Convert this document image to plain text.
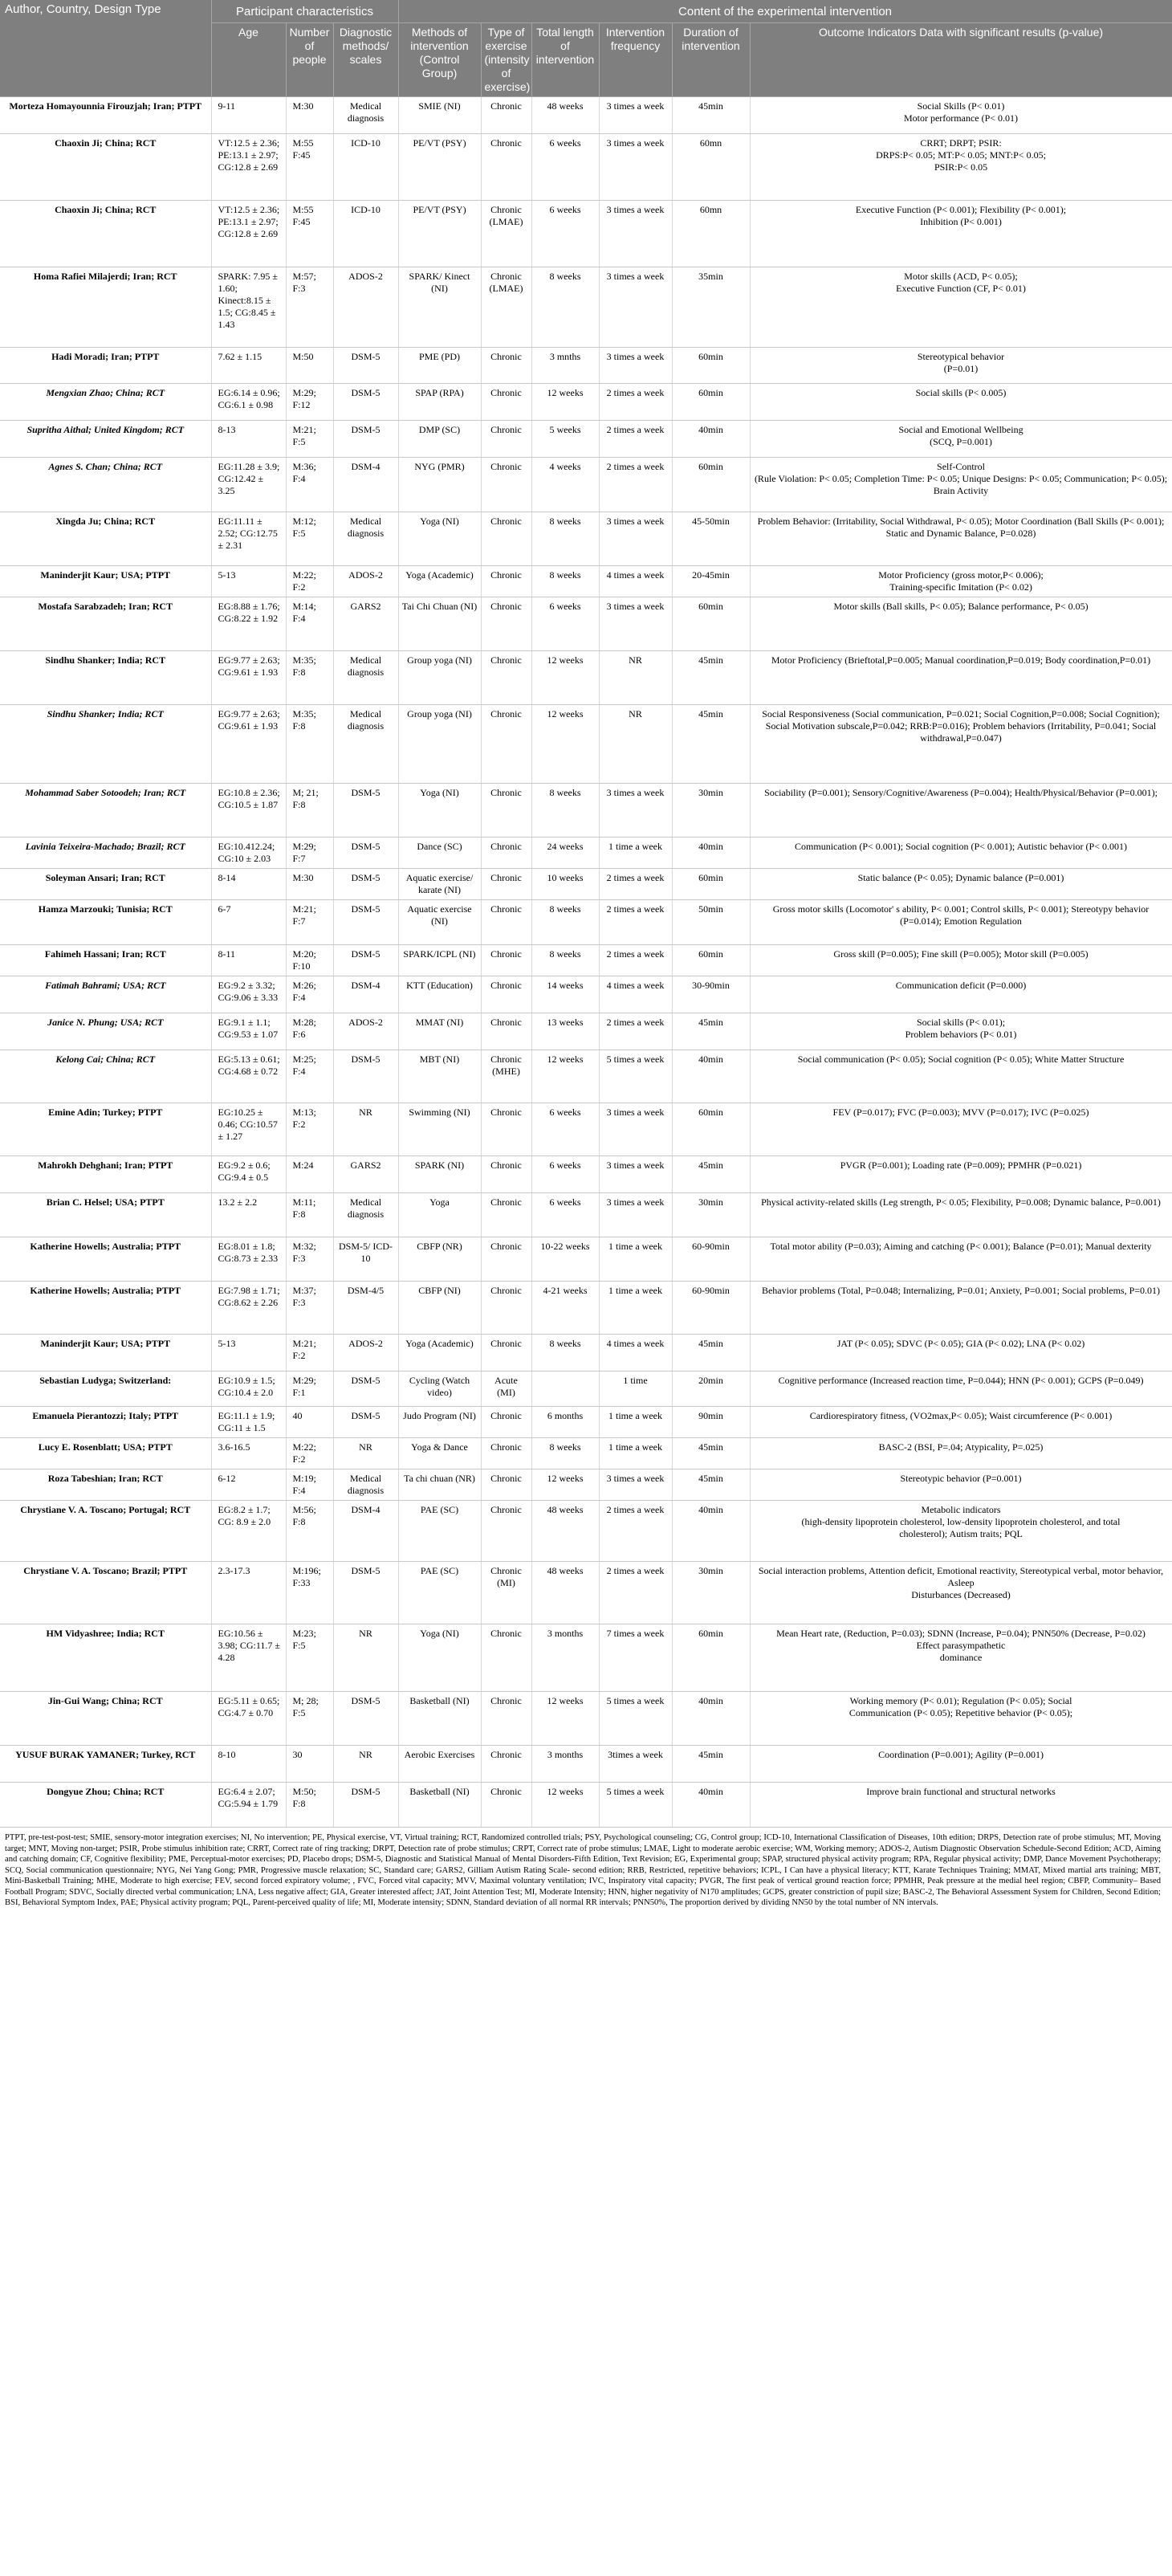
Author, Country, Design Type	Participant characteristics			Content of the experimental intervention					
	Age	Number of people	Diagnostic methods/ scales	Methods of intervention (Control Group)	Type of exercise (intensity of exercise)	Total length of intervention	Intervention frequency	Duration of intervention	Outcome Indicators Data with significant results (p-value)
Morteza Homayounnia Firouzjah; Iran; PTPT	9-11	M:30	Medical diagnosis	SMIE (NI)	Chronic	48 weeks	3 times a week	45min	Social Skills (P< 0.01)
Motor performance (P< 0.01)
Chaoxin Ji; China; RCT	VT:12.5 ± 2.36; PE:13.1 ± 2.97; CG:12.8 ± 2.69	M:55 F:45	ICD-10	PE/VT (PSY)	Chronic	6 weeks	3 times a week	60mn	CRRT; DRPT; PSIR:
DRPS:P< 0.05; MT:P< 0.05; MNT:P< 0.05;
PSIR:P< 0.05
Chaoxin Ji; China; RCT	VT:12.5 ± 2.36; PE:13.1 ± 2.97; CG:12.8 ± 2.69	M:55 F:45	ICD-10	PE/VT (PSY)	Chronic (LMAE)	6 weeks	3 times a week	60mn	Executive Function (P< 0.001); Flexibility (P< 0.001);
Inhibition (P< 0.001)
Homa Rafiei Milajerdi; Iran; RCT	SPARK: 7.95 ± 1.60; Kinect:8.15 ± 1.5; CG:8.45 ± 1.43	M:57; F:3	ADOS-2	SPARK/ Kinect (NI)	Chronic (LMAE)	8 weeks	3 times a week	35min	Motor skills (ACD, P< 0.05);
Executive Function (CF, P< 0.01)
Hadi Moradi; Iran; PTPT	7.62 ± 1.15	M:50	DSM-5	PME (PD)	Chronic	3 mnths	3 times a week	60min	Stereotypical behavior
(P=0.01)
Mengxian Zhao; China; RCT	EG:6.14 ± 0.96; CG:6.1 ± 0.98	M:29; F:12	DSM-5	SPAP (RPA)	Chronic	12 weeks	2 times a week	60min	Social skills (P< 0.005)
Supritha Aithal; United Kingdom; RCT	8-13	M:21; F:5	DSM-5	DMP (SC)	Chronic	5 weeks	2 times a week	40min	Social and Emotional Wellbeing
(SCQ, P=0.001)
Agnes S. Chan; China; RCT	EG:11.28 ± 3.9; CG:12.42 ± 3.25	M:36; F:4	DSM-4	NYG (PMR)	Chronic	4 weeks	2 times a week	60min	Self-Control
(Rule Violation: P< 0.05; Completion Time: P< 0.05; Unique Designs: P< 0.05; Communication; P< 0.05); Brain Activity
Xingda Ju; China; RCT	EG:11.11 ± 2.52; CG:12.75 ± 2.31	M:12; F:5	Medical diagnosis	Yoga (NI)	Chronic	8 weeks	3 times a week	45-50min	Problem Behavior: (Irritability, Social Withdrawal, P< 0.05); Motor Coordination (Ball Skills (P< 0.001); Static and Dynamic Balance, P=0.028)
Maninderjit Kaur; USA; PTPT	5-13	M:22; F:2	ADOS-2	Yoga (Academic)	Chronic	8 weeks	4 times a week	20-45min	Motor Proficiency (gross motor,P< 0.006);
Training-specific Imitation (P< 0.02)
Mostafa Sarabzadeh; Iran; RCT	EG:8.88 ± 1.76; CG:8.22 ± 1.92	M:14; F:4	GARS2	Tai Chi Chuan (NI)	Chronic	6 weeks	3 times a week	60min	Motor skills (Ball skills, P< 0.05); Balance performance, P< 0.05)
Sindhu Shanker; India; RCT	EG:9.77 ± 2.63; CG:9.61 ± 1.93	M:35; F:8	Medical diagnosis	Group yoga (NI)	Chronic	12 weeks	NR	45min	Motor Proficiency (Brieftotal,P=0.005; Manual coordination,P=0.019; Body coordination,P=0.01)
Sindhu Shanker; India; RCT	EG:9.77 ± 2.63; CG:9.61 ± 1.93	M:35; F:8	Medical diagnosis	Group yoga (NI)	Chronic	12 weeks	NR	45min	Social Responsiveness (Social communication, P=0.021; Social Cognition,P=0.008; Social Cognition); Social Motivation subscale,P=0.042; RRB:P=0.016); Problem behaviors (Irritability, P=0.041; Social withdrawal,P=0.047)
Mohammad Saber Sotoodeh; Iran; RCT	EG:10.8 ± 2.36; CG:10.5 ± 1.87	M; 21; F:8	DSM-5	Yoga (NI)	Chronic	8 weeks	3 times a week	30min	Sociability (P=0.001); Sensory/Cognitive/Awareness (P=0.004); Health/Physical/Behavior (P=0.001);
Lavinia Teixeira-Machado; Brazil; RCT	EG:10.412.24; CG:10 ± 2.03	M:29; F:7	DSM-5	Dance (SC)	Chronic	24 weeks	1 time a week	40min	Communication (P< 0.001); Social cognition (P< 0.001); Autistic behavior (P< 0.001)
Soleyman Ansari; Iran; RCT	8-14	M:30	DSM-5	Aquatic exercise/ karate (NI)	Chronic	10 weeks	2 times a week	60min	Static balance (P< 0.05); Dynamic balance (P=0.001)
Hamza Marzouki; Tunisia; RCT	6-7	M:21; F:7	DSM-5	Aquatic exercise (NI)	Chronic	8 weeks	2 times a week	50min	Gross motor skills (Locomotor' s ability, P< 0.001; Control skills, P< 0.001); Stereotypy behavior (P=0.014); Emotion Regulation
Fahimeh Hassani; Iran; RCT	8-11	M:20; F:10	DSM-5	SPARK/ICPL (NI)	Chronic	8 weeks	2 times a week	60min	Gross skill (P=0.005); Fine skill (P=0.005); Motor skill (P=0.005)
Fatimah Bahrami; USA; RCT	EG:9.2 ± 3.32; CG:9.06 ± 3.33	M:26; F:4	DSM-4	KTT (Education)	Chronic	14 weeks	4 times a week	30-90min	Communication deficit (P=0.000)
Janice N. Phung; USA; RCT	EG:9.1 ± 1.1; CG:9.53 ± 1.07	M:28; F:6	ADOS-2	MMAT (NI)	Chronic	13 weeks	2 times a week	45min	Social skills (P< 0.01);
Problem behaviors (P< 0.01)
Kelong Cai; China; RCT	EG:5.13 ± 0.61; CG:4.68 ± 0.72	M:25; F:4	DSM-5	MBT (NI)	Chronic (MHE)	12 weeks	5 times a week	40min	Social communication (P< 0.05); Social cognition (P< 0.05); White Matter Structure
Emine Adin; Turkey; PTPT	EG:10.25 ± 0.46; CG:10.57 ± 1.27	M:13; F:2	NR	Swimming (NI)	Chronic	6 weeks	3 times a week	60min	FEV (P=0.017); FVC (P=0.003); MVV (P=0.017); IVC (P=0.025)
Mahrokh Dehghani; Iran; PTPT	EG:9.2 ± 0.6; CG:9.4 ± 0.5	M:24	GARS2	SPARK (NI)	Chronic	6 weeks	3 times a week	45min	PVGR (P=0.001); Loading rate (P=0.009); PPMHR (P=0.021)
Brian C. Helsel; USA; PTPT	13.2 ± 2.2	M:11; F:8	Medical diagnosis	Yoga	Chronic	6 weeks	3 times a week	30min	Physical activity-related skills (Leg strength, P< 0.05; Flexibility, P=0.008; Dynamic balance, P=0.001)
Katherine Howells; Australia; PTPT	EG:8.01 ± 1.8; CG:8.73 ± 2.33	M:32; F:3	DSM-5/ ICD-10	CBFP (NR)	Chronic	10-22 weeks	1 time a week	60-90min	Total motor ability (P=0.03); Aiming and catching (P< 0.001); Balance (P=0.01); Manual dexterity
Katherine Howells; Australia; PTPT	EG:7.98 ± 1.71; CG:8.62 ± 2.26	M:37; F:3	DSM-4/5	CBFP (NI)	Chronic	4-21 weeks	1 time a week	60-90min	Behavior problems (Total, P=0.048; Internalizing, P=0.01; Anxiety, P=0.001; Social problems, P=0.01)
Maninderjit Kaur; USA; PTPT	5-13	M:21; F:2	ADOS-2	Yoga (Academic)	Chronic	8 weeks	4 times a week	45min	JAT (P< 0.05); SDVC (P< 0.05); GIA (P< 0.02); LNA (P< 0.02)
Sebastian Ludyga; Switzerland:	EG:10.9 ± 1.5; CG:10.4 ± 2.0	M:29; F:1	DSM-5	Cycling (Watch video)	Acute (MI)		1 time	20min	Cognitive performance (Increased reaction time, P=0.044); HNN (P< 0.001); GCPS (P=0.049)
Emanuela Pierantozzi; Italy; PTPT	EG:11.1 ± 1.9; CG:11 ± 1.5	40	DSM-5	Judo Program (NI)	Chronic	6 months	1 time a week	90min	Cardiorespiratory fitness, (VO2max,P< 0.05); Waist circumference (P< 0.001)
Lucy E. Rosenblatt; USA; PTPT	3.6-16.5	M:22; F:2	NR	Yoga & Dance	Chronic	8 weeks	1 time a week	45min	BASC-2 (BSI, P=.04; Atypicality, P=.025)
Roza Tabeshian; Iran; RCT	6-12	M:19; F:4	Medical diagnosis	Ta chi chuan (NR)	Chronic	12 weeks	3 times a week	45min	Stereotypic behavior (P=0.001)
Chrystiane V. A. Toscano; Portugal; RCT	EG:8.2 ± 1.7; CG: 8.9 ± 2.0	M:56; F:8	DSM-4	PAE (SC)	Chronic	48 weeks	2 times a week	40min	Metabolic indicators
(high-density lipoprotein cholesterol, low-density lipoprotein cholesterol, and total
cholesterol); Autism traits; PQL
Chrystiane V. A. Toscano; Brazil; PTPT	2.3-17.3	M:196; F:33	DSM-5	PAE (SC)	Chronic (MI)	48 weeks	2 times a week	30min	Social interaction problems, Attention deficit, Emotional reactivity, Stereotypical verbal, motor behavior, Asleep
Disturbances (Decreased)
HM Vidyashree; India; RCT	EG:10.56 ± 3.98; CG:11.7 ± 4.28	M:23; F:5	NR	Yoga (NI)	Chronic	3 months	7 times a week	60min	Mean Heart rate, (Reduction, P=0.03); SDNN (Increase, P=0.04); PNN50% (Decrease, P=0.02)
Effect parasympathetic
dominance
Jin-Gui Wang; China; RCT	EG:5.11 ± 0.65; CG:4.7 ± 0.70	M; 28; F:5	DSM-5	Basketball (NI)	Chronic	12 weeks	5 times a week	40min	Working memory (P< 0.01); Regulation (P< 0.05); Social
Communication (P< 0.05); Repetitive behavior (P< 0.05);
YUSUF BURAK YAMANER; Turkey, RCT	8-10	30	NR	Aerobic Exercises	Chronic	3 months	3times a week	45min	Coordination (P=0.001); Agility (P=0.001)
Dongyue Zhou; China; RCT	EG:6.4 ± 2.07; CG:5.94 ± 1.79	M:50; F:8	DSM-5	Basketball (NI)	Chronic	12 weeks	5 times a week	40min	Improve brain functional and structural networks
PTPT, pre-test-post-test; SMIE, sensory-motor integration exercises; NI, No intervention; PE, Physical exercise, VT, Virtual training; RCT, Randomized controlled trials; PSY, Psychological counseling; CG, Control group; ICD-10, International Classification of Diseases, 10th edition; DRPS, Detection rate of probe stimulus; MT, Moving target; MNT, Moving non-target; PSIR, Probe stimulus inhibition rate; CRRT, Correct rate of ring tracking; DRPT, Detection rate of probe stimulus; CRPT, Correct rate of probe stimulus; LMAE, Light to moderate aerobic exercise; WM, Working memory; ADOS-2, Autism Diagnostic Observation Schedule-Second Edition; ACD, Aiming and catching domain; CF, Cognitive flexibility; PME, Perceptual-motor exercises; PD, Placebo drops; DSM-5, Diagnostic and Statistical Manual of Mental Disorders-Fifth Edition, Text Revision; EG, Experimental group; SPAP, structured physical activity program; RPA, Regular physical activity; DMP, Dance Movement Psychotherapy; SCQ, Social communication questionnaire; NYG, Nei Yang Gong; PMR, Progressive muscle relaxation; SC, Standard care; GARS2, Gilliam Autism Rating Scale- second edition; RRB, Restricted, repetitive behaviors; ICPL, I Can have a physical literacy; KTT, Karate Techniques Training; MMAT, Mixed martial arts training; MBT, Mini-Basketball Training; MHE, Moderate to high exercise; FEV, second forced expiratory volume; , FVC, Forced vital capacity; MVV, Maximal voluntary ventilation; IVC, Inspiratory vital capacity; PVGR, The first peak of vertical ground reaction force; PPMHR, Peak pressure at the medial heel region; CBFP, Community– Based Football Program; SDVC, Socially directed verbal communication; LNA, Less negative affect; GIA, Greater interested affect; JAT, Joint Attention Test; MI, Moderate Intensity; HNN, higher negativity of N170 amplitudes; GCPS, greater constriction of pupil size; BASC-2, The Behavioral Assessment System for Children, Second Edition; BSI, Behavioral Symptom Index, PAE; Physical activity program; PQL, Parent-perceived quality of life; MI, Moderate intensity; SDNN, Standard deviation of all normal RR intervals; PNN50%, The proportion derived by dividing NN50 by the total number of NN intervals.
